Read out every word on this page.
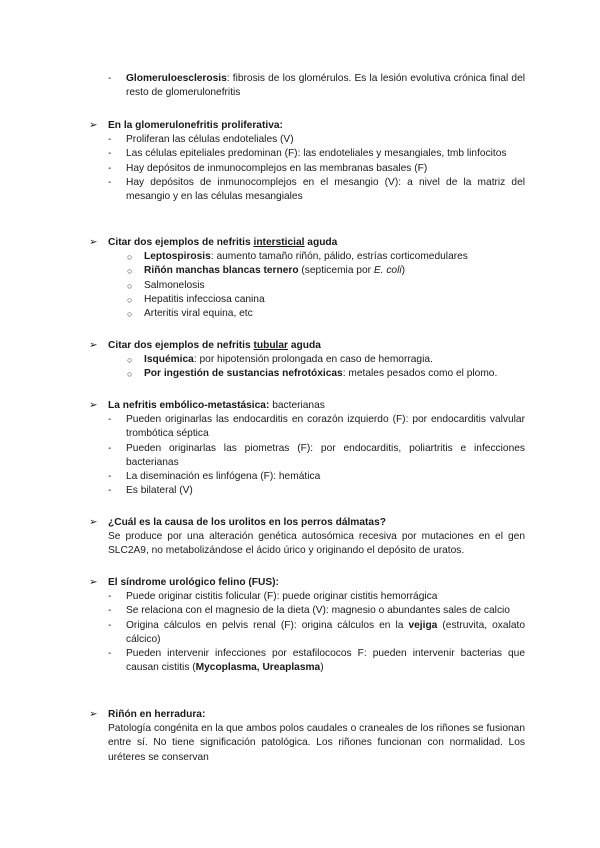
- Glomeruloesclerosis: fibrosis de los glomérulos. Es la lesión evolutiva crónica final del resto de glomerulonefritis
➢ En la glomerulonefritis proliferativa:
- Proliferan las células endoteliales (V)
- Las células epiteliales predominan (F): las endoteliales y mesangiales, tmb linfocitos
- Hay depósitos de inmunocomplejos en las membranas basales (F)
- Hay depósitos de inmunocomplejos en el mesangio (V): a nivel de la matriz del mesangio y en las células mesangiales
➢ Citar dos ejemplos de nefritis intersticial aguda
○ Leptospirosis: aumento tamaño riñón, pálido, estrías corticomedulares
○ Riñón manchas blancas ternero (septicemia por E. coli)
○ Salmonelosis
○ Hepatitis infecciosa canina
○ Arteritis viral equina, etc
➢ Citar dos ejemplos de nefritis tubular aguda
○ Isquémica: por hipotensión prolongada en caso de hemorragia.
○ Por ingestión de sustancias nefrotóxicas: metales pesados como el plomo.
➢ La nefritis embólico-metastásica: bacterianas
- Pueden originarlas las endocarditis en corazón izquierdo (F): por endocarditis valvular trombótica séptica
- Pueden originarlas las piometras (F): por endocarditis, poliartritis e infecciones bacterianas
- La diseminación es linfógena (F): hemática
- Es bilateral (V)
➢ ¿Cuál es la causa de los urolitos en los perros dálmatas?
Se produce por una alteración genética autosómica recesiva por mutaciones en el gen SLC2A9, no metabolizándose el ácido úrico y originando el depósito de uratos.
➢ El síndrome urológico felino (FUS):
- Puede originar cistitis folicular (F): puede originar cistitis hemorrágica
- Se relaciona con el magnesio de la dieta (V): magnesio o abundantes sales de calcio
- Origina cálculos en pelvis renal (F): origina cálculos en la vejiga (estruvita, oxalato cálcico)
- Pueden intervenir infecciones por estafilococos F: pueden intervenir bacterias que causan cistitis (Mycoplasma, Ureaplasma)
➢ Riñón en herradura:
Patología congénita en la que ambos polos caudales o craneales de los riñones se fusionan entre sí. No tiene significación patológica. Los riñones funcionan con normalidad. Los uréteres se conservan
